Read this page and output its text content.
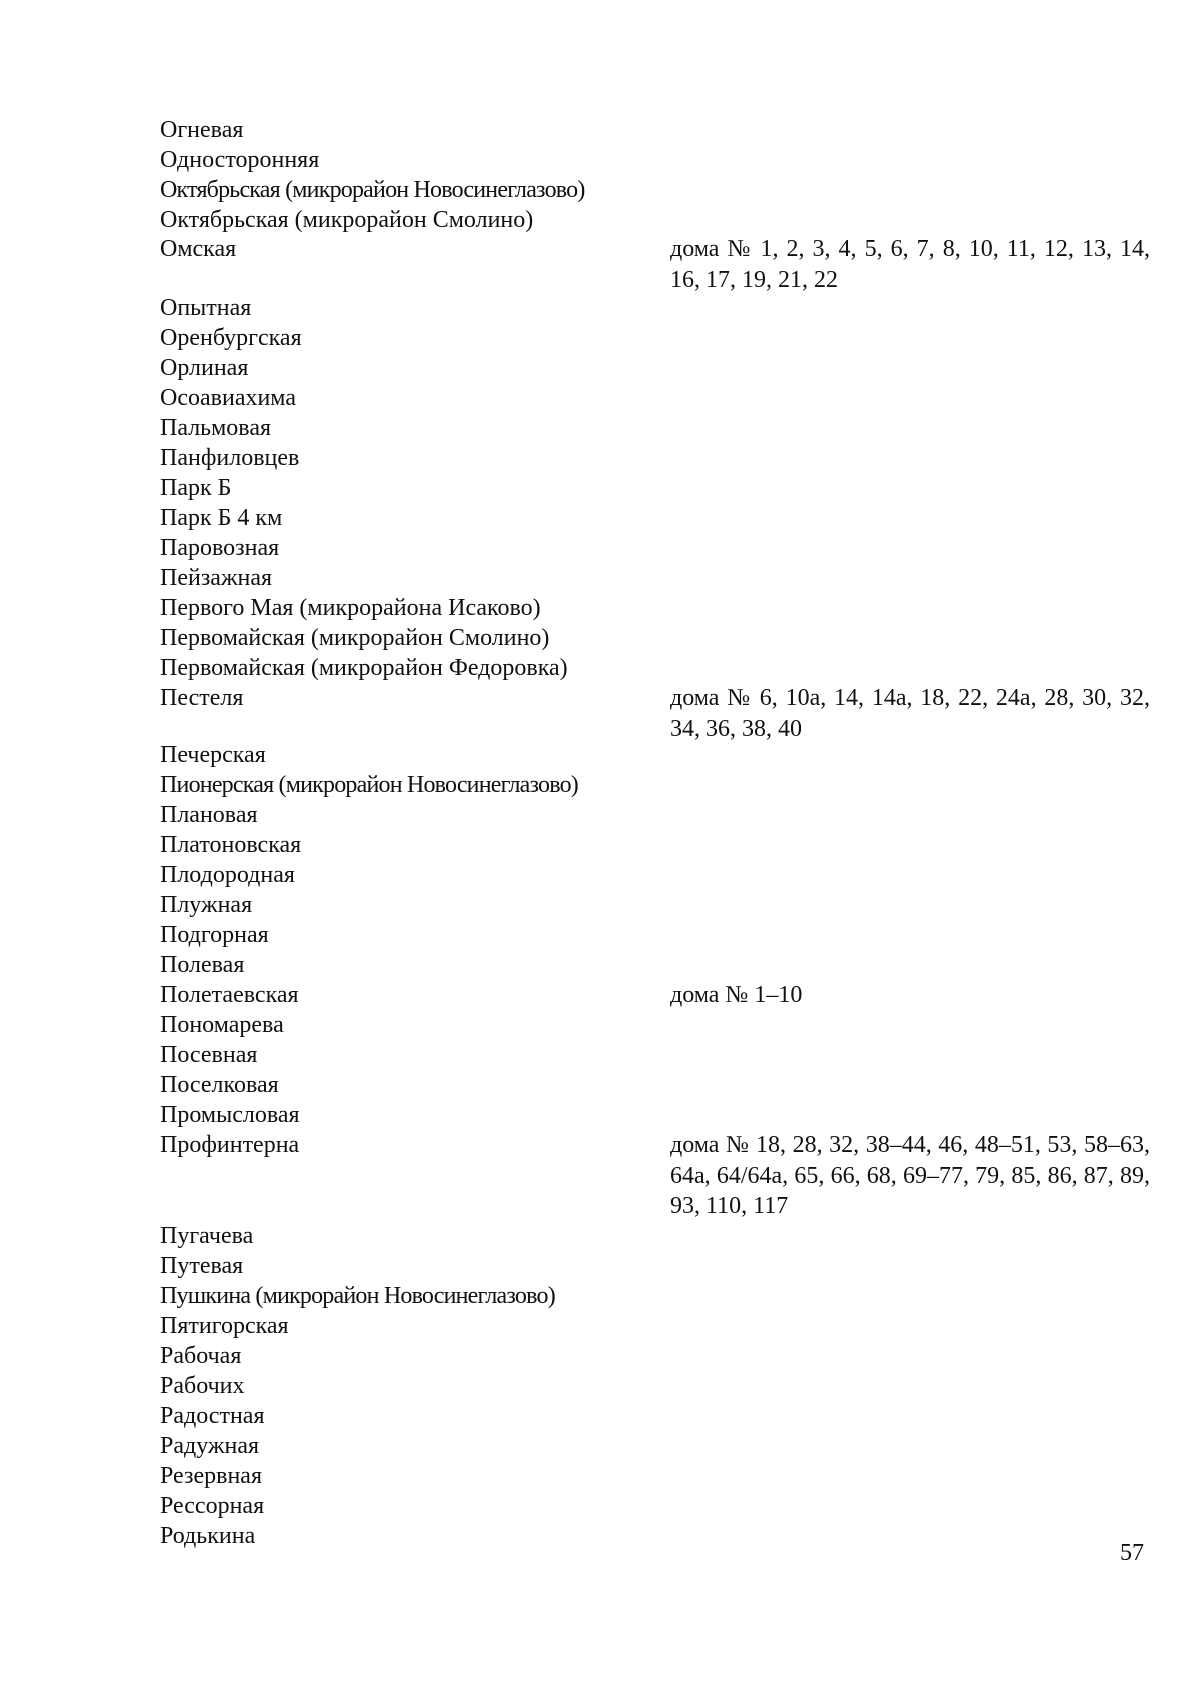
Огневая
Односторонняя
Октябрьская (микрорайон Новосинеглазово)
Октябрьская (микрорайон Смолино)
Омская	дома № 1, 2, 3, 4, 5, 6, 7, 8, 10, 11, 12, 13, 14, 16, 17, 19, 21, 22
Опытная
Оренбургская
Орлиная
Осоавиахима
Пальмовая
Панфиловцев
Парк Б
Парк Б 4 км
Паровозная
Пейзажная
Первого Мая (микрорайона Исаково)
Первомайская (микрорайон Смолино)
Первомайская (микрорайон Федоровка)
Пестеля	дома № 6, 10а, 14, 14а, 18, 22, 24а, 28, 30, 32, 34, 36, 38, 40
Печерская
Пионерская (микрорайон Новосинеглазово)
Плановая
Платоновская
Плодородная
Плужная
Подгорная
Полевая
Полетаевская	дома № 1–10
Пономарева
Посевная
Поселковая
Промысловая
Профинтерна	дома № 18, 28, 32, 38–44, 46, 48–51, 53, 58–63, 64а, 64/64а, 65, 66, 68, 69–77, 79, 85, 86, 87, 89, 93, 110, 117
Пугачева
Путевая
Пушкина (микрорайон Новосинеглазово)
Пятигорская
Рабочая
Рабочих
Радостная
Радужная
Резервная
Рессорная
Родькина
57
